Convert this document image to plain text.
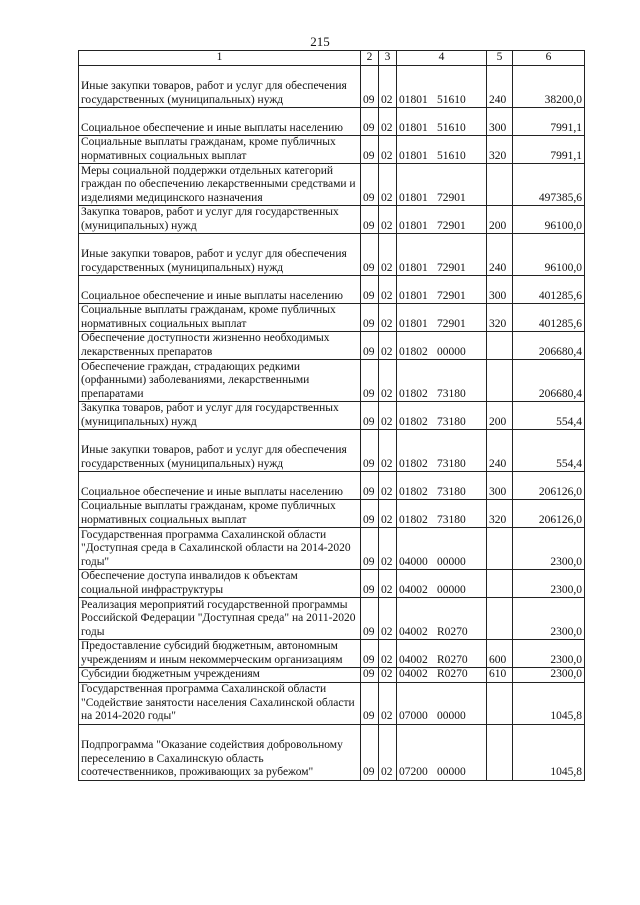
215
1	2	3	4	5	6
Иные закупки товаров, работ и услуг для обеспечения государственных (муниципальных) нужд	09	02	01801 51610	240	38200,0
Социальное обеспечение и иные выплаты населению	09	02	01801 51610	300	7991,1
Социальные выплаты гражданам, кроме публичных нормативных социальных выплат	09	02	01801 51610	320	7991,1
Меры социальной поддержки отдельных категорий граждан по обеспечению лекарственными средствами и изделиями медицинского назначения	09	02	01801 72901		497385,6
Закупка товаров, работ и услуг для государственных (муниципальных) нужд	09	02	01801 72901	200	96100,0
Иные закупки товаров, работ и услуг для обеспечения государственных (муниципальных) нужд	09	02	01801 72901	240	96100,0
Социальное обеспечение и иные выплаты населению	09	02	01801 72901	300	401285,6
Социальные выплаты гражданам, кроме публичных нормативных социальных выплат	09	02	01801 72901	320	401285,6
Обеспечение доступности жизненно необходимых лекарственных препаратов	09	02	01802 00000		206680,4
Обеспечение граждан, страдающих редкими (орфанными) заболеваниями, лекарственными препаратами	09	02	01802 73180		206680,4
Закупка товаров, работ и услуг для государственных (муниципальных) нужд	09	02	01802 73180	200	554,4
Иные закупки товаров, работ и услуг для обеспечения государственных (муниципальных) нужд	09	02	01802 73180	240	554,4
Социальное обеспечение и иные выплаты населению	09	02	01802 73180	300	206126,0
Социальные выплаты гражданам, кроме публичных нормативных социальных выплат	09	02	01802 73180	320	206126,0
Государственная программа Сахалинской области "Доступная среда в Сахалинской области на 2014-2020 годы"	09	02	04000 00000		2300,0
Обеспечение доступа инвалидов к объектам социальной инфраструктуры	09	02	04002 00000		2300,0
Реализация мероприятий государственной программы Российской Федерации "Доступная среда" на 2011-2020 годы	09	02	04002 R0270		2300,0
Предоставление субсидий бюджетным, автономным учреждениям и иным некоммерческим организациям	09	02	04002 R0270	600	2300,0
Субсидии бюджетным учреждениям	09	02	04002 R0270	610	2300,0
Государственная программа Сахалинской области "Содействие занятости населения Сахалинской области на 2014-2020 годы"	09	02	07000 00000		1045,8
Подпрограмма "Оказание содействия добровольному переселению в Сахалинскую область соотечественников, проживающих за рубежом"	09	02	07200 00000		1045,8
